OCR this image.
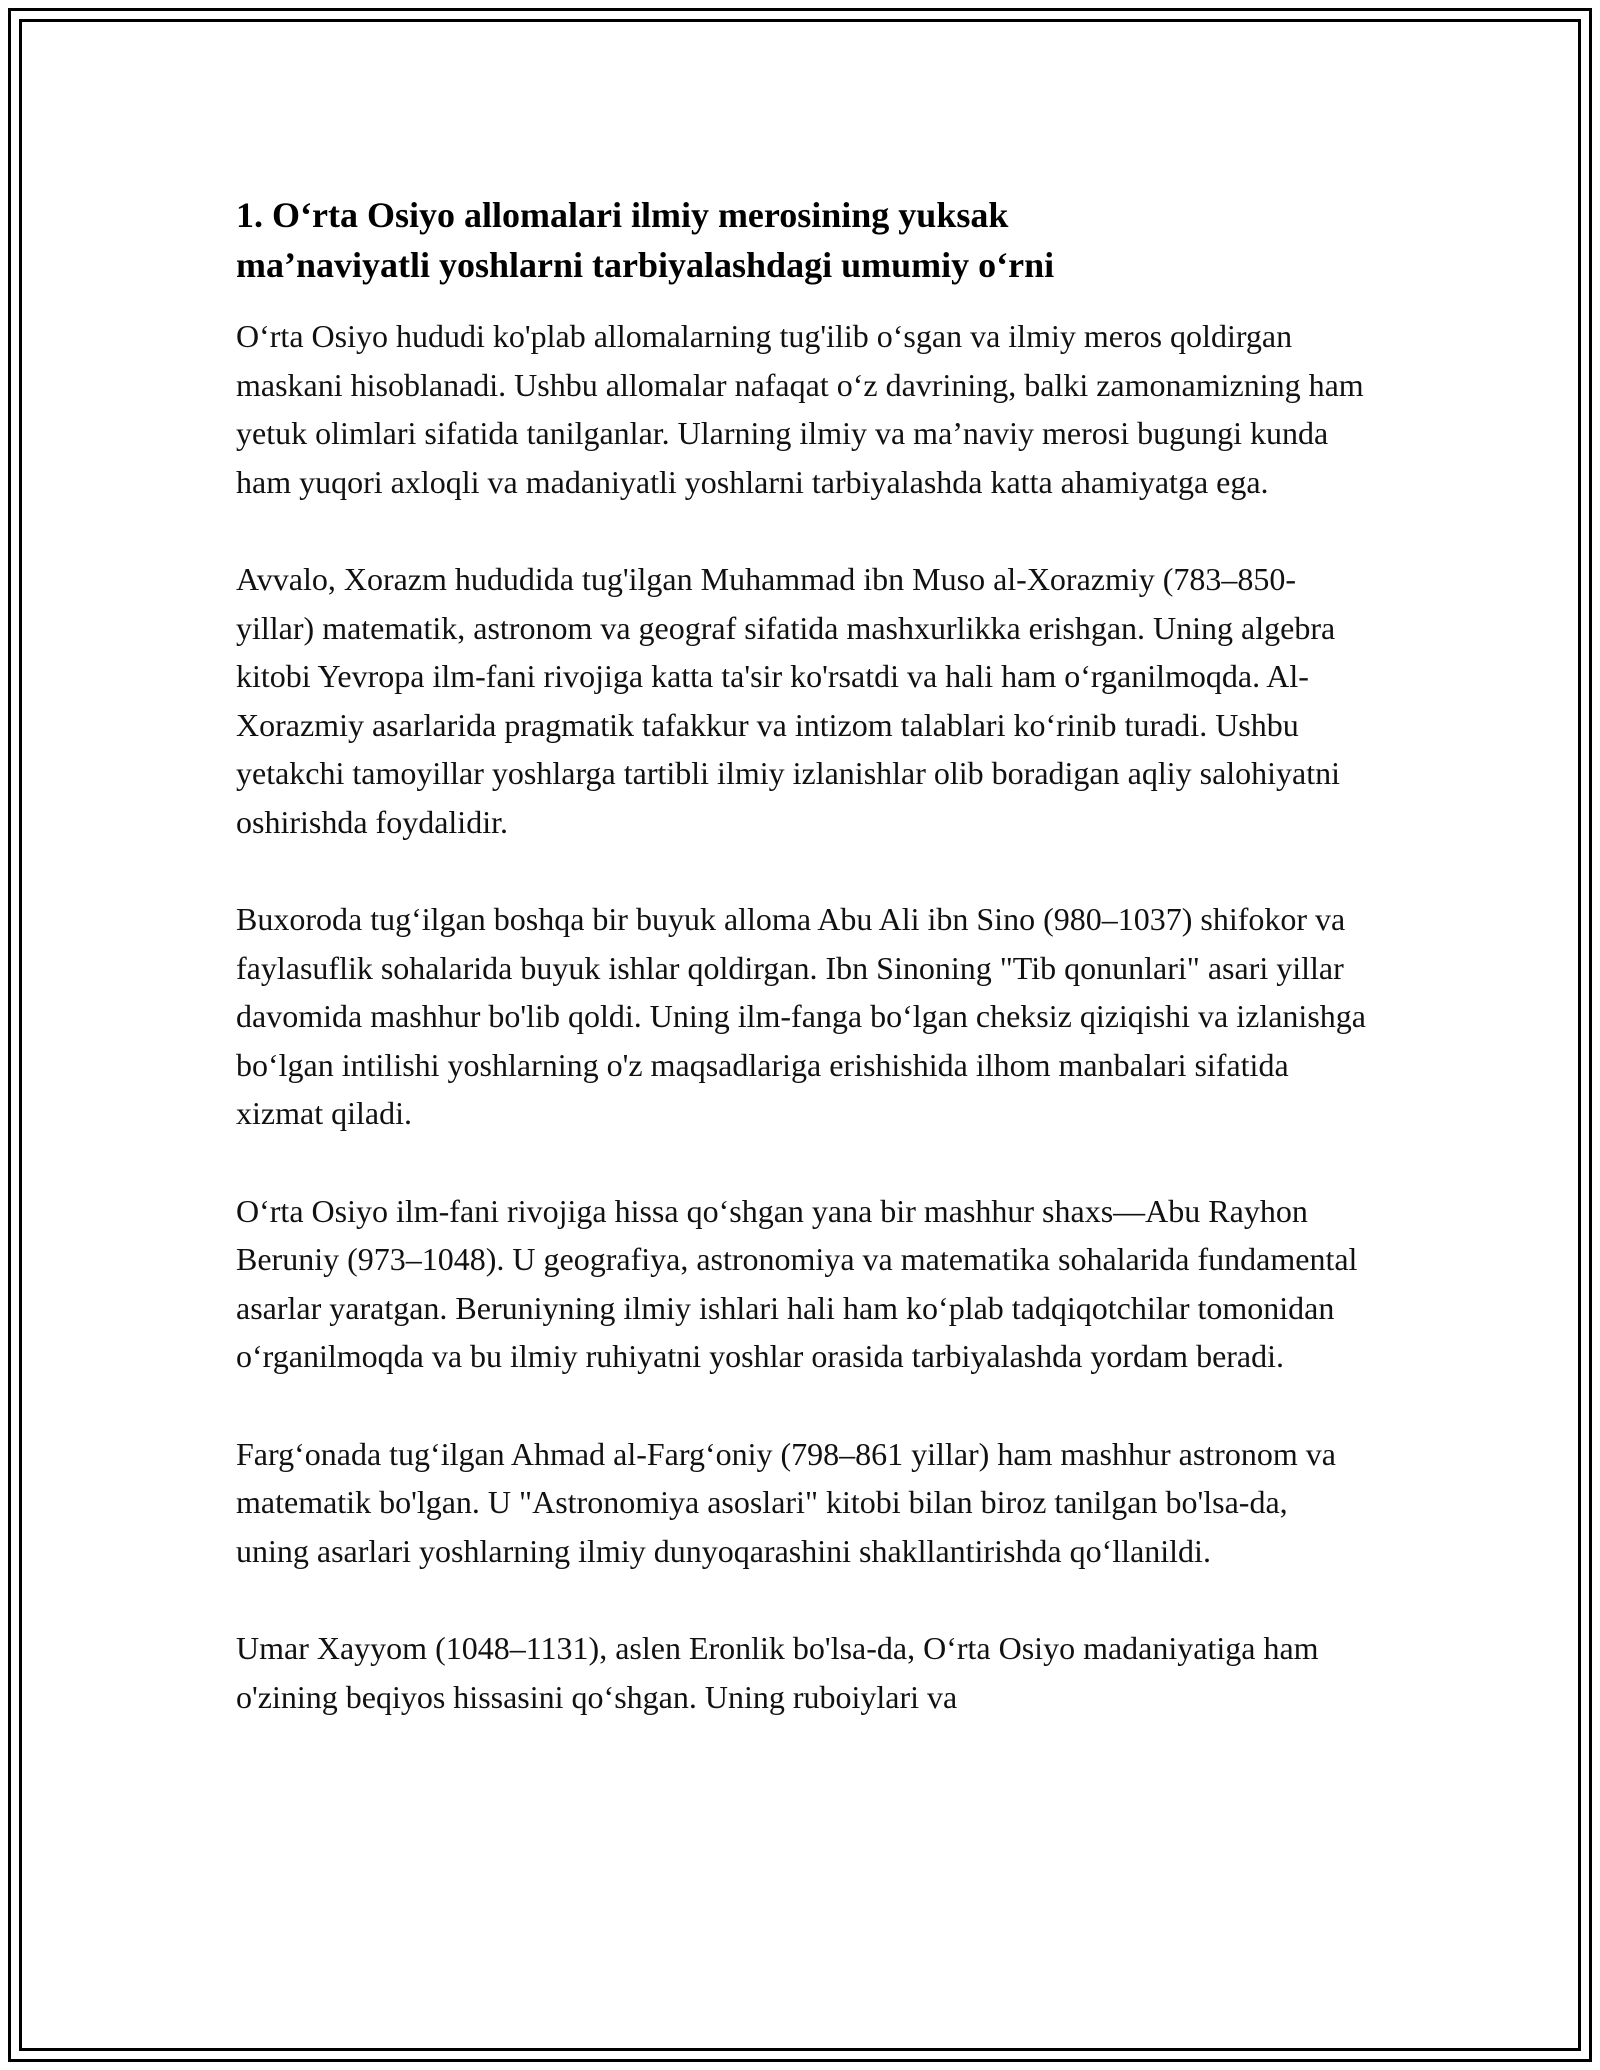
1. O‘rta Osiyo allomalari ilmiy merosining yuksak
ma’naviyatli yoshlarni tarbiyalashdagi umumiy o‘rni

O‘rta Osiyo hududi ko'plab allomalarning tug'ilib o‘sgan va ilmiy meros qoldirgan maskani hisoblanadi. Ushbu allomalar nafaqat o‘z davrining, balki zamonamizning ham yetuk olimlari sifatida tanilganlar. Ularning ilmiy va ma’naviy merosi bugungi kunda ham yuqori axloqli va madaniyatli yoshlarni tarbiyalashda katta ahamiyatga ega.

Avvalo, Xorazm hududida tug'ilgan Muhammad ibn Muso al-Xorazmiy (783–850-yillar) matematik, astronom va geograf sifatida mashxurlikka erishgan. Uning algebra kitobi Yevropa ilm-fani rivojiga katta ta'sir ko'rsatdi va hali ham o‘rganilmoqda. Al-Xorazmiy asarlarida pragmatik tafakkur va intizom talablari ko‘rinib turadi. Ushbu yetakchi tamoyillar yoshlarga tartibli ilmiy izlanishlar olib boradigan aqliy salohiyatni oshirishda foydalidir.

Buxoroda tug‘ilgan boshqa bir buyuk alloma Abu Ali ibn Sino (980–1037) shifokor va faylasuflik sohalarida buyuk ishlar qoldirgan. Ibn Sinoning "Tib qonunlari" asari yillar davomida mashhur bo'lib qoldi. Uning ilm-fanga bo‘lgan cheksiz qiziqishi va izlanishga bo‘lgan intilishi yoshlarning o'z maqsadlariga erishishida ilhom manbalari sifatida xizmat qiladi.

O‘rta Osiyo ilm-fani rivojiga hissa qo‘shgan yana bir mashhur shaxs—Abu Rayhon Beruniy (973–1048). U geografiya, astronomiya va matematika sohalarida fundamental asarlar yaratgan. Beruniyning ilmiy ishlari hali ham ko‘plab tadqiqotchilar tomonidan o‘rganilmoqda va bu ilmiy ruhiyatni yoshlar orasida tarbiyalashda yordam beradi.

Farg‘onada tug‘ilgan Ahmad al-Farg‘oniy (798–861 yillar) ham mashhur astronom va matematik bo'lgan. U "Astronomiya asoslari" kitobi bilan biroz tanilgan bo'lsa-da, uning asarlari yoshlarning ilmiy dunyoqarashini shakllantirishda qo‘llanildi.

Umar Xayyom (1048–1131), aslen Eronlik bo'lsa-da, O‘rta Osiyo madaniyatiga ham o'zining beqiyos hissasini qo‘shgan. Uning ruboiylari va
